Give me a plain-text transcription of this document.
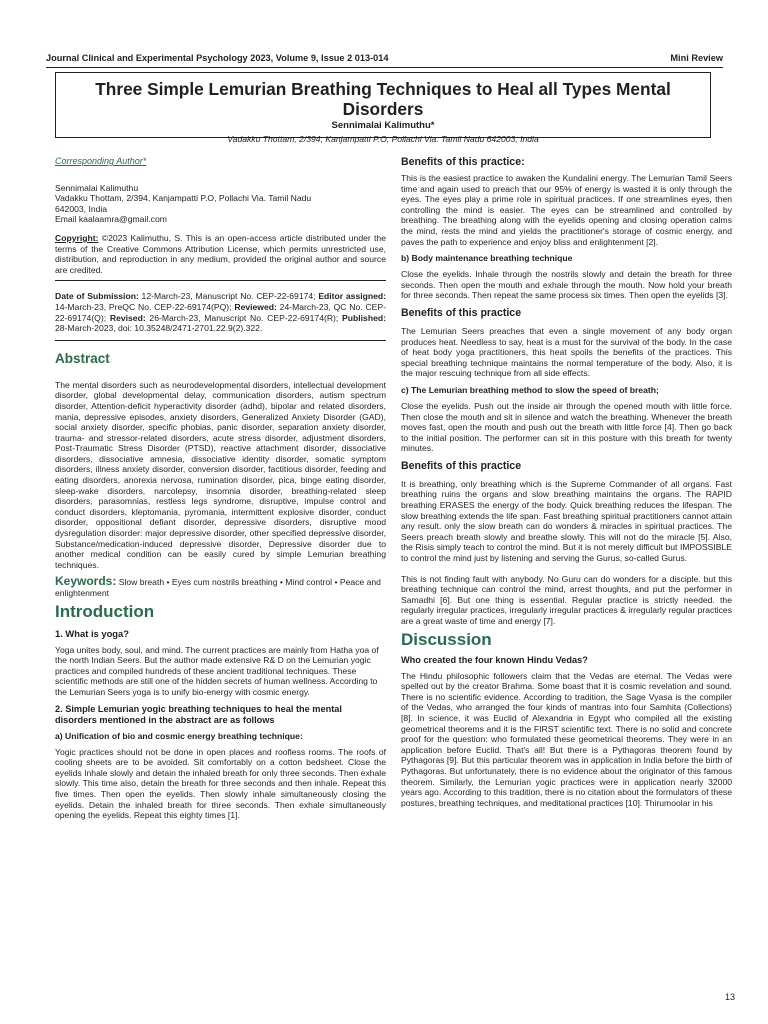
Journal Clinical and Experimental Psychology 2023, Volume 9, Issue 2 013-014	Mini Review
Three Simple Lemurian Breathing Techniques to Heal all Types Mental Disorders
Sennimalai Kalimuthu*
Vadakku Thottam, 2/394, Kanjampatti P.O, Pollachi Via. Tamil Nadu 642003, India
Corresponding Author*
Sennimalai Kalimuthu
Vadakku Thottam, 2/394, Kanjampatti P.O, Pollachi Via. Tamil Nadu
642003, India
Email kaalaamra@gmail.com

Copyright: ©2023 Kalimuthu, S. This is an open-access article distributed under the terms of the Creative Commons Attribution License, which permits unrestricted use, distribution, and reproduction in any medium, provided the original author and source are credited.

Date of Submission: 12-March-23, Manuscript No. CEP-22-69174; Editor assigned: 14-March-23, PreQC No. CEP-22-69174(PQ); Reviewed: 24-March-23, QC No. CEP-22-69174(Q); Revised: 26-March-23, Manuscript No. CEP-22-69174(R); Published: 28-March-2023, doi: 10.35248/2471-2701.22.9(2).322.

Abstract

The mental disorders such as neurodevelopmental disorders, intellectual development disorder, global developmental delay, communication disorders, autism spectrum disorder, Attention-deficit hyperactivity disorder (adhd), bipolar and related disorders, mania, depressive episodes, anxiety disorders, Generalized Anxiety Disorder (GAD), social anxiety disorder, specific phobias, panic disorder, separation anxiety disorder, trauma- and stressor-related disorders, acute stress disorder, adjustment disorders, Post-Traumatic Stress Disorder (PTSD), reactive attachment disorder, dissociative disorders, dissociative amnesia, dissociative identity disorder, somatic symptom disorders, illness anxiety disorder, conversion disorder, factitious disorder, feeding and eating disorders, anorexia nervosa, rumination disorder, pica, binge eating disorder, sleep-wake disorders, narcolepsy, insomnia disorder, breathing-related sleep disorders, parasomnias, restless legs syndrome, disruptive, impulse control and conduct disorders, kleptomania, pyromania, intermittent explosive disorder, conduct disorder, oppositional defiant disorder, depressive disorders, disruptive mood dysregulation disorder: major depressive disorder, other specified depressive disorder, Substance/medication-induced depressive disorder, Depressive disorder due to another medical condition can be easily cured by simple Lemurian breathing techniques.

Keywords: Slow breath • Eyes cum nostrils breathing • Mind control • Peace and enlightenment

Introduction
1. What is yoga?

Yoga unites body, soul, and mind. The current practices are mainly from Hatha yoa of the north Indian Seers. But the author made extensive R& D on the Lemurian yogic practices and compiled hundreds of these ancient traditional techniques. These scientific methods are still one of the hidden secrets of human wellness. According to the Lemurian Seers yoga is to unify bio-energy with cosmic energy.

2. Simple Lemurian yogic breathing techniques to heal the mental disorders mentioned in the abstract are as follows
a) Unification of bio and cosmic energy breathing technique:

Yogic practices should not be done in open places and roofless rooms. The roofs of cooling sheets are to be avoided. Sit comfortably on a cotton bedsheet. Close the eyelids Inhale slowly and detain the inhaled breath for only three seconds. Then exhale slowly. This time also, detain the breath for three seconds and then inhale. Repeat this five times. Then open the eyelids. Then slowly inhale simultaneously closing the eyelids. Detain the inhaled breath for three seconds. Then exhale simultaneously opening the eyelids. Repeat this eighty times [1].

Benefits of this practice:

This is the easiest practice to awaken the Kundalini energy. The Lemurian Tamil Seers time and again used to preach that our 95% of energy is wasted it is only through the eyes. The eyes play a prime role in spiritual practices. If one streamlines eyes, then controlling the mind is easier. The eyes can be streamlined and controlled by breathing. The breathing along with the eyelids opening and closing operation calms the mind, rests the mind and yields the practitioner's storage of cosmic energy, and paves the path to experience and enjoy bliss and enlightenment [2].

b) Body maintenance breathing technique

Close the eyelids. Inhale through the nostrils slowly and detain the breath for three seconds. Then open the mouth and exhale through the mouth. Now hold your breath for three seconds. Then repeat the same process six times. Then open the eyelids [3].

Benefits of this practice

The Lemurian Seers preaches that even a single movement of any body organ produces heat. Needless to say, heat is a must for the survival of the body. In the case of heat body yoga practitioners, this heat spoils the benefits of the practices. This special breathing technique maintains the normal temperature of the body. Also, it is the major rescuing technique from all side effects.

c) The Lemurian breathing method to slow the speed of breath;

Close the eyelids. Push out the inside air through the opened mouth with little force. Then close the mouth and sit in silence and watch the breathing. Whenever the breath moves fast, open the mouth and push out the breath with little force [4]. Then go back to the initial position. The performer can sit in this posture with this breath for twenty minutes.

Benefits of this practice

It is breathing, only breathing which is the Supreme Commander of all organs. Fast breathing ruins the organs and slow breathing maintains the organs. The RAPID breathing ERASES the energy of the body. Quick breathing reduces the lifespan. The slow breathing extends the life span. Fast breathing spiritual practitioners cannot attain any result. only the slow breath can do wonders & miracles in spiritual practices. The Seers preach breath slowly and breathe slowly. This will not do the miracle [5]. Also, the Risis simply teach to control the mind. But it is not merely difficult but IMPOSSIBLE to control the mind just by listening and serving the Gurus, so-called Gurus.

This is not finding fault with anybody. No Guru can do wonders for a disciple. but this breathing technique can control the mind, arrest thoughts, and put the performer in Samadhi [6]. But one thing is essential. Regular practice is strictly needed. the regularly irregular practices, irregularly irregular practices & irregularly regular practices are a great waste of time and energy [7].

Discussion
Who created the four known Hindu Vedas?

The Hindu philosophic followers claim that the Vedas are eternal. The Vedas were spelled out by the creator Brahma. Some boast that it is cosmic revelation and sound. There is no scientific evidence. According to tradition, the Sage Vyasa is the compiler of the Vedas, who arranged the four kinds of mantras into four Samhita (Collections) [8]. In science, it was Euclid of Alexandria in Egypt who compiled all the existing geometrical theorems and it is the FIRST scientific text. There is no solid and concrete proof for the question: who formulated these geometrical theorems. They were in an application before Euclid. That's all! But there is a Pythagoras theorem found by Pythagoras [9]. But this particular theorem was in application in India before the birth of Pythagoras. But unfortunately, there is no evidence about the originator of this famous theorem. Similarly, the Lemurian yogic practices were in application nearly 32000 years ago. According to this tradition, there is no citation about the formulators of these postures, breathing techniques, and meditational practices [10]. Thirumoolar in his

13
